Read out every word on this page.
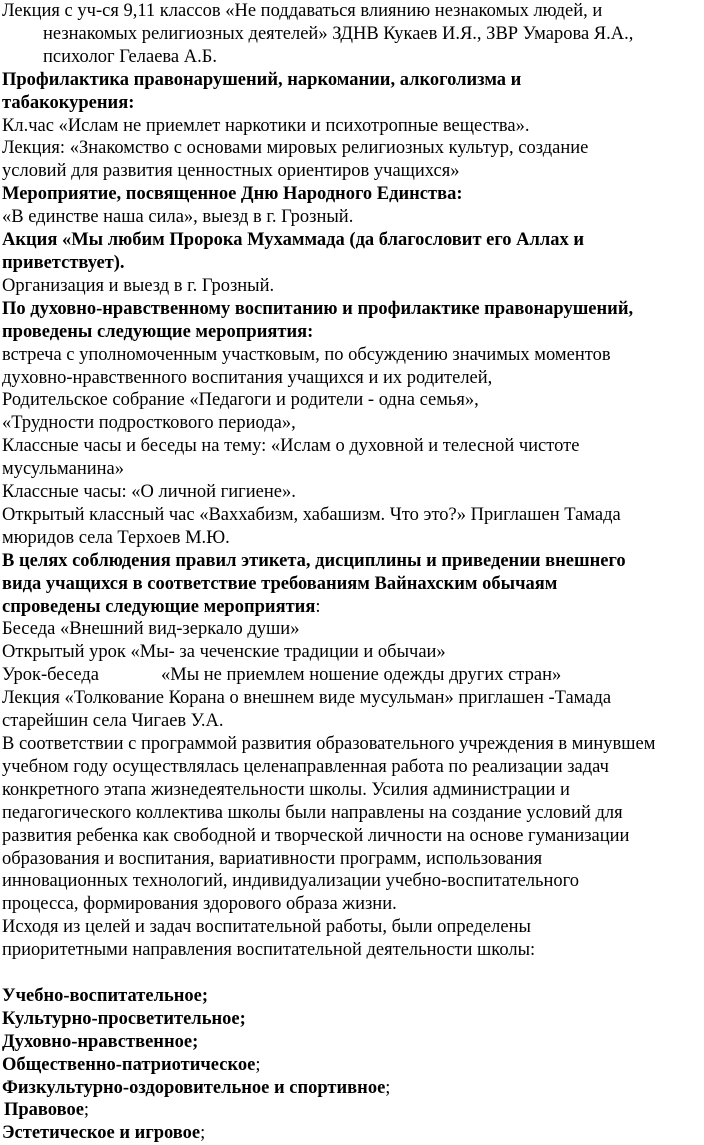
Лекция с уч-ся 9,11 классов «Не поддаваться влиянию незнакомых людей, и
незнакомых религиозных деятелей» ЗДНВ Кукаев И.Я., ЗВР Умарова Я.А.,
психолог Гелаева А.Б.
Профилактика правонарушений, наркомании, алкоголизма и
табакокурения:
Кл.час «Ислам не приемлет наркотики и психотропные вещества».
Лекция: «Знакомство с основами мировых религиозных культур, создание
условий для развития ценностных ориентиров учащихся»
Мероприятие, посвященное Дню Народного Единства:
«В единстве наша сила», выезд в г. Грозный.
Акция «Мы любим Пророка Мухаммада (да благословит его Аллах и
приветствует).
Организация и выезд в г. Грозный.
По духовно-нравственному воспитанию и профилактике правонарушений,
проведены следующие мероприятия:
встреча с уполномоченным участковым, по обсуждению значимых моментов
духовно-нравственного воспитания учащихся и их родителей,
Родительское собрание «Педагоги и родители - одна семья»,
«Трудности подросткового периода»,
Классные часы и беседы на тему: «Ислам о духовной и телесной чистоте
мусульманина»
Классные часы: «О личной гигиене».
Открытый классный час «Ваххабизм, хабашизм. Что это?» Приглашен Тамада
мюридов села Терхоев М.Ю.
В целях соблюдения правил этикета, дисциплины и приведении внешнего
вида учащихся в соответствие требованиям Вайнахским обычаям
спроведены следующие мероприятия:
Беседа «Внешний вид-зеркало души»
Открытый урок «Мы- за чеченские традиции и обычаи»
Урок-беседа	«Мы не приемлем ношение одежды других стран»
Лекция «Толкование Корана о внешнем виде мусульман» приглашен -Тамада
старейшин села Чигаев У.А.
В соответствии с программой развития образовательного учреждения в минувшем
учебном году осуществлялась целенаправленная работа по реализации задач
конкретного этапа жизнедеятельности школы. Усилия администрации и
педагогического коллектива школы были направлены на создание условий для
развития ребенка как свободной и творческой личности на основе гуманизации
образования и воспитания, вариативности программ, использования
инновационных технологий, индивидуализации учебно-воспитательного
процесса, формирования здорового образа жизни.
Исходя из целей и задач воспитательной работы, были определены
приоритетными направления воспитательной деятельности школы:
Учебно-воспитательное;
Культурно-просветительное;
Духовно-нравственное;
Общественно-патриотическое;
Физкультурно-оздоровительное и спортивное;
Правовое;
Эстетическое и игровое;
